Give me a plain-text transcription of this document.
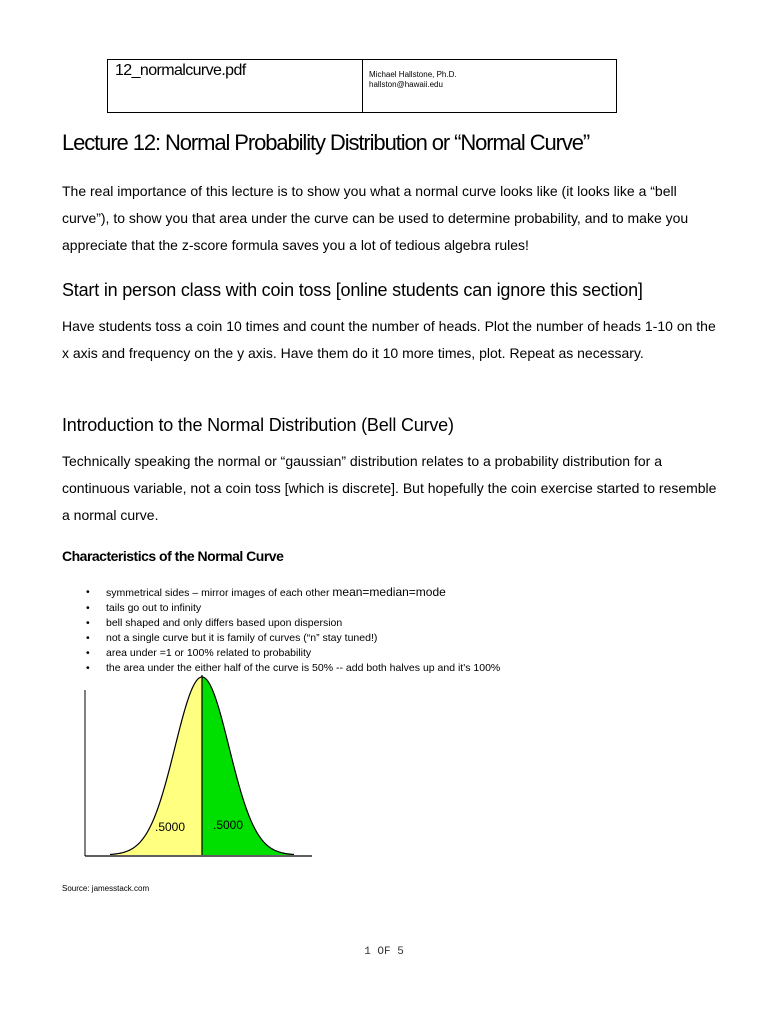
12_normalcurve.pdf	Michael Hallstone, Ph.D.
hallston@hawaii.edu
Lecture 12: Normal Probability Distribution or “Normal Curve”

The real importance of this lecture is to show you what a normal curve looks like (it looks like a “bell curve”), to show you that area under the curve can be used to determine probability, and to make you appreciate that the z-score formula saves you a lot of tedious algebra rules!

Start in person class with coin toss [online students can ignore this section]

Have students toss a coin 10 times and count the number of heads. Plot the number of heads 1-10 on the x axis and frequency on the y axis. Have them do it 10 more times, plot. Repeat as necessary.

Introduction to the Normal Distribution (Bell Curve)

Technically speaking the normal or “gaussian” distribution relates to a probability distribution for a continuous variable, not a coin toss [which is discrete]. But hopefully the coin exercise started to resemble a normal curve.

Characteristics of the Normal Curve
• symmetrical sides – mirror images of each other mean=median=mode
• tails go out to infinity
• bell shaped and only differs based upon dispersion
• not a single curve but it is family of curves (“n” stay tuned!)
• area under =1 or 100% related to probability
• the area under the either half of the curve is 50% -- add both halves up and it's 100%
.5000 .5000
Source: jamesstack.com
1 OF 5
